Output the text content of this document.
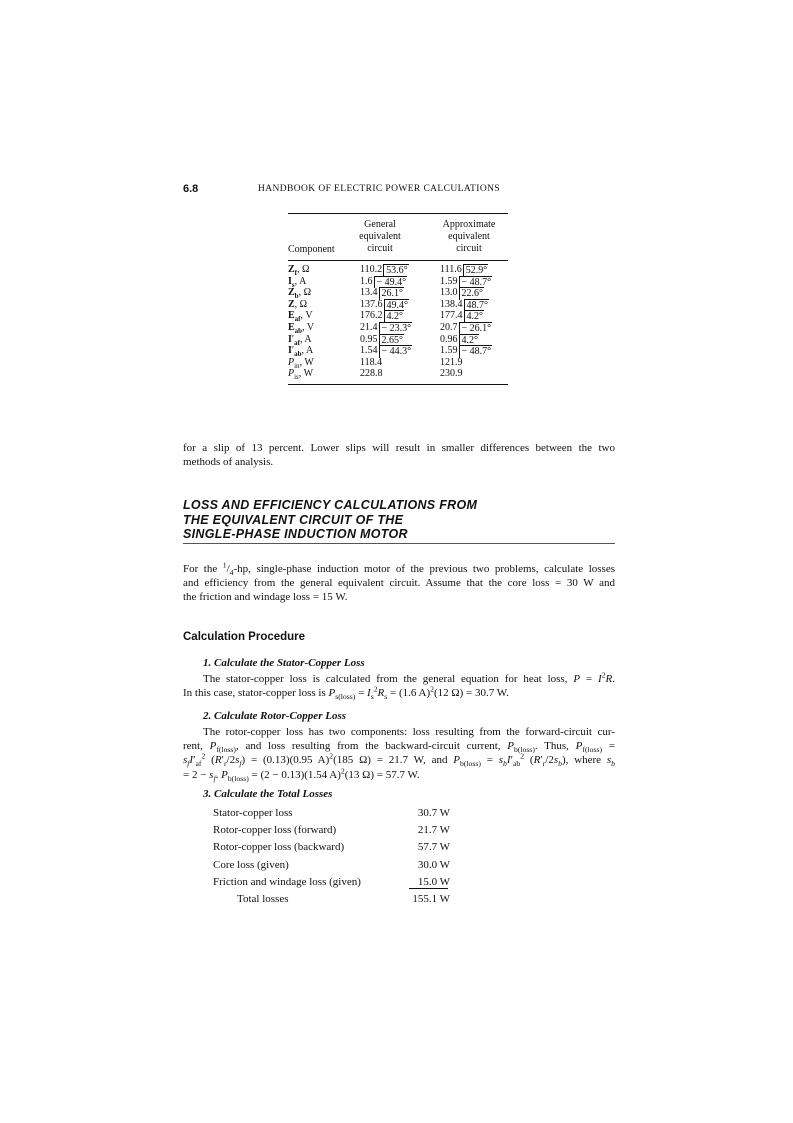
6.8	HANDBOOK OF ELECTRIC POWER CALCULATIONS
Component
General
equivalent
circuit
Approximate
equivalent
circuit
$Z_f$, Ω	110.2 53.6°	111.6 52.9°
$I_s$, A	1.6 − 49.4°	1.59 − 48.7°
$Z_b$, Ω	13.4 26.1°	13.0 22.6°
Z, Ω	137.6 49.4°	138.4 48.7°
$E_{af}$, V	176.2 4.2°	177.4 4.2°
$E_{ab}$, V	21.4 − 23.3°	20.7 − 26.1°
$I'_{af}$, A	0.95 2.65°	0.96 4.2°
$I'_{ab}$, A	1.54 − 44.3°	1.59 − 48.7°
$P_{in}$, W	118.4	121.9
$P_{is}$, W	228.8	230.9
for a slip of 13 percent. Lower slips will result in smaller differences between the two
methods of analysis.
LOSS AND EFFICIENCY CALCULATIONS FROM
THE EQUIVALENT CIRCUIT OF THE
SINGLE-PHASE INDUCTION MOTOR
For the $^1/_4-hp$, single-phase induction motor of the previous two problems, calculate losses
and efficiency from the general equivalent circuit. Assume that the core loss = 30 W and
the friction and windage loss = 15 W.
Calculation Procedure
1. Calculate the Stator-Copper Loss
The stator-copper loss is calculated from the general equation for heat loss, $P = I^2R$.
In this case, stator-copper loss is $P_{s(loss)} = I_s^2R_s = (1.6$ A)$^2$(12 Ω) = 30.7 W.
2. Calculate Rotor-Copper Loss
The rotor-copper loss has two components: loss resulting from the forward-circuit cur-
rent, $P_{f(loss)}$, and loss resulting from the backward-circuit current, $P_{b(loss)}$. Thus, $P_{f(loss)}$ =
$s_fI'_{af}^2$ $(R'_r/2s_f) = (0.13)(0.95$ A)$^2$(185 Ω) = 21.7 W, and $P_{b(loss)} = s_bI'_{ab}^2$ $(R'_r/2s_b)$, where $s_b$
= $2 - s_f$. $P_{b(loss)} = (2 - 0.13)(1.54$ A)$^2$(13 Ω) = 57.7 W.
3. Calculate the Total Losses
Stator-copper loss	30.7 W
Rotor-copper loss (forward)	21.7 W
Rotor-copper loss (backward)	57.7 W
Core loss (given)	30.0 W
Friction and windage loss (given)	15.0 W
Total losses	155.1 W
